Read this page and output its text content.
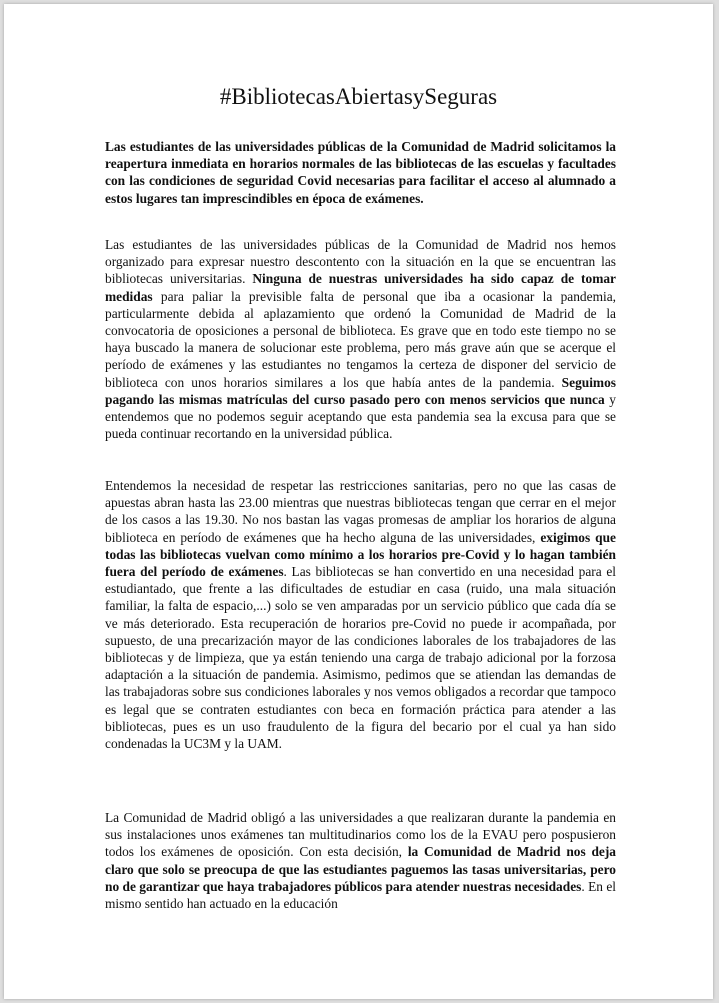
#BibliotecasAbiertasySeguras

Las estudiantes de las universidades públicas de la Comunidad de Madrid solicitamos la reapertura inmediata en horarios normales de las bibliotecas de las escuelas y facultades con las condiciones de seguridad Covid necesarias para facilitar el acceso al alumnado a estos lugares tan imprescindibles en época de exámenes.

Las estudiantes de las universidades públicas de la Comunidad de Madrid nos hemos organizado para expresar nuestro descontento con la situación en la que se encuentran las bibliotecas universitarias. Ninguna de nuestras universidades ha sido capaz de tomar medidas para paliar la previsible falta de personal que iba a ocasionar la pandemia, particularmente debida al aplazamiento que ordenó la Comunidad de Madrid de la convocatoria de oposiciones a personal de biblioteca. Es grave que en todo este tiempo no se haya buscado la manera de solucionar este problema, pero más grave aún que se acerque el período de exámenes y las estudiantes no tengamos la certeza de disponer del servicio de biblioteca con unos horarios similares a los que había antes de la pandemia. Seguimos pagando las mismas matrículas del curso pasado pero con menos servicios que nunca y entendemos que no podemos seguir aceptando que esta pandemia sea la excusa para que se pueda continuar recortando en la universidad pública.

Entendemos la necesidad de respetar las restricciones sanitarias, pero no que las casas de apuestas abran hasta las 23.00 mientras que nuestras bibliotecas tengan que cerrar en el mejor de los casos a las 19.30. No nos bastan las vagas promesas de ampliar los horarios de alguna biblioteca en período de exámenes que ha hecho alguna de las universidades, exigimos que todas las bibliotecas vuelvan como mínimo a los horarios pre-Covid y lo hagan también fuera del período de exámenes. Las bibliotecas se han convertido en una necesidad para el estudiantado, que frente a las dificultades de estudiar en casa (ruido, una mala situación familiar, la falta de espacio,...) solo se ven amparadas por un servicio público que cada día se ve más deteriorado. Esta recuperación de horarios pre-Covid no puede ir acompañada, por supuesto, de una precarización mayor de las condiciones laborales de los trabajadores de las bibliotecas y de limpieza, que ya están teniendo una carga de trabajo adicional por la forzosa adaptación a la situación de pandemia. Asimismo, pedimos que se atiendan las demandas de las trabajadoras sobre sus condiciones laborales y nos vemos obligados a recordar que tampoco es legal que se contraten estudiantes con beca en formación práctica para atender a las bibliotecas, pues es un uso fraudulento de la figura del becario por el cual ya han sido condenadas la UC3M y la UAM.

La Comunidad de Madrid obligó a las universidades a que realizaran durante la pandemia en sus instalaciones unos exámenes tan multitudinarios como los de la EVAU pero pospusieron todos los exámenes de oposición. Con esta decisión, la Comunidad de Madrid nos deja claro que solo se preocupa de que las estudiantes paguemos las tasas universitarias, pero no de garantizar que haya trabajadores públicos para atender nuestras necesidades. En el mismo sentido han actuado en la educación
